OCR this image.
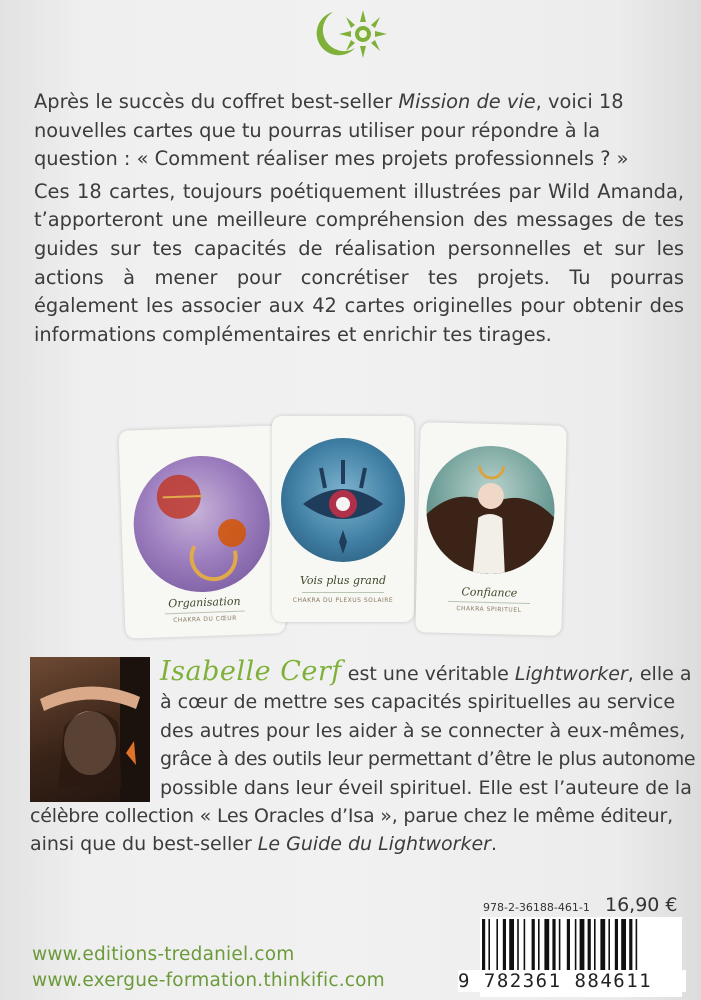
Après le succès du coffret best-seller Mission de vie, voici 18 nouvelles cartes que tu pourras utiliser pour répondre à la question : « Comment réaliser mes projets professionnels ? »

Ces 18 cartes, toujours poétiquement illustrées par Wild Amanda, t’apporteront une meilleure compréhension des messages de tes guides sur tes capacités de réalisation personnelles et sur les actions à mener pour concrétiser tes projets. Tu pourras également les associer aux 42 cartes originelles pour obtenir des informations complémentaires et enrichir tes tirages.

Organisation
CHAKRA DU CŒUR
Vois plus grand
CHAKRA DU PLEXUS SOLAIRE
Confiance
CHAKRA SPIRITUEL
Isabelle Cerf est une véritable Lightworker, elle a
à cœur de mettre ses capacités spirituelles au service
des autres pour les aider à se connecter à eux-mêmes,
grâce à des outils leur permettant d’être le plus autonome
possible dans leur éveil spirituel. Elle est l’auteure de la
célèbre collection « Les Oracles d’Isa », parue chez le même éditeur,
ainsi que du best-seller Le Guide du Lightworker.
978-2-36188-461-1 16,90 €
9 782361 884611
www.editions-tredaniel.com
www.exergue-formation.thinkific.com
